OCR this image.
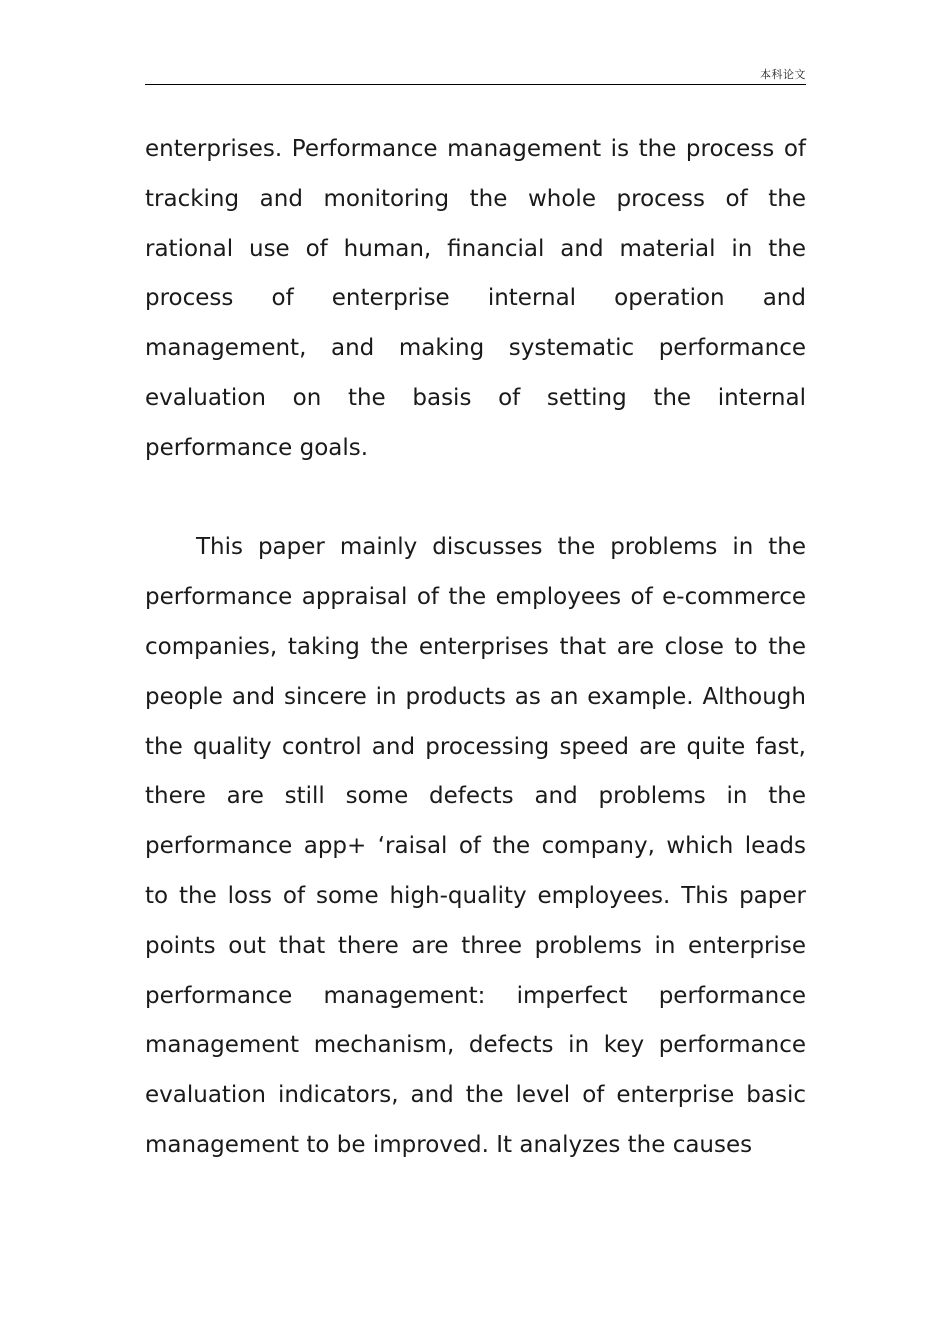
本科论文

enterprises. Performance management is the process of tracking and monitoring the whole process of the rational use of human, financial and material in the process of enterprise internal operation and management, and making systematic performance evaluation on the basis of setting the internal performance goals.

This paper mainly discusses the problems in the performance appraisal of the employees of e-commerce companies, taking the enterprises that are close to the people and sincere in products as an example. Although the quality control and processing speed are quite fast, there are still some defects and problems in the performance app+ ‘raisal of the company, which leads to the loss of some high-quality employees. This paper points out that there are three problems in enterprise performance management: imperfect performance management mechanism, defects in key performance evaluation indicators, and the level of enterprise basic management to be improved. It analyzes the causes
